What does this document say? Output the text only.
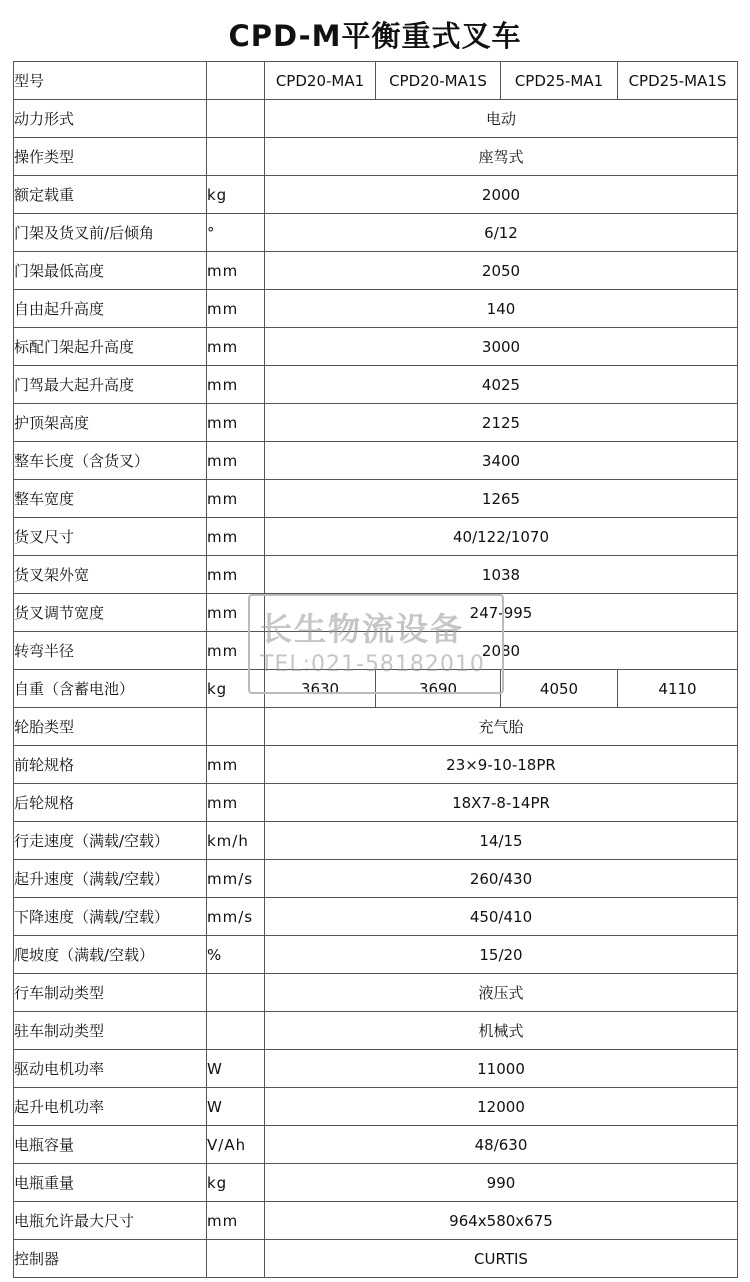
CPD-M平衡重式叉车
型号		CPD20-MA1	CPD20-MA1S	CPD25-MA1	CPD25-MA1S
动力形式		电动			
操作类型		座驾式			
额定载重	kg	2000			
门架及货叉前/后倾角	°	6/12			
门架最低高度	mm	2050			
自由起升高度	mm	140			
标配门架起升高度	mm	3000			
门驾最大起升高度	mm	4025			
护顶架高度	mm	2125			
整车长度（含货叉）	mm	3400			
整车宽度	mm	1265			
货叉尺寸	mm	40/122/1070			
货叉架外宽	mm	1038			
货叉调节宽度	mm	247-995			
转弯半径	mm	2080			
自重（含蓄电池）	kg	3630	3690	4050	4110
轮胎类型		充气胎			
前轮规格	mm	23×9-10-18PR			
后轮规格	mm	18X7-8-14PR			
行走速度（满载/空载）	km/h	14/15			
起升速度（满载/空载）	mm/s	260/430			
下降速度（满载/空载）	mm/s	450/410			
爬坡度（满载/空载）	%	15/20			
行车制动类型		液压式			
驻车制动类型		机械式			
驱动电机功率	W	11000			
起升电机功率	W	12000			
电瓶容量	V/Ah	48/630			
电瓶重量	kg	990			
电瓶允许最大尺寸	mm	964x580x675			
控制器		CURTIS			
长生物流设备
TEL:021-58182010
